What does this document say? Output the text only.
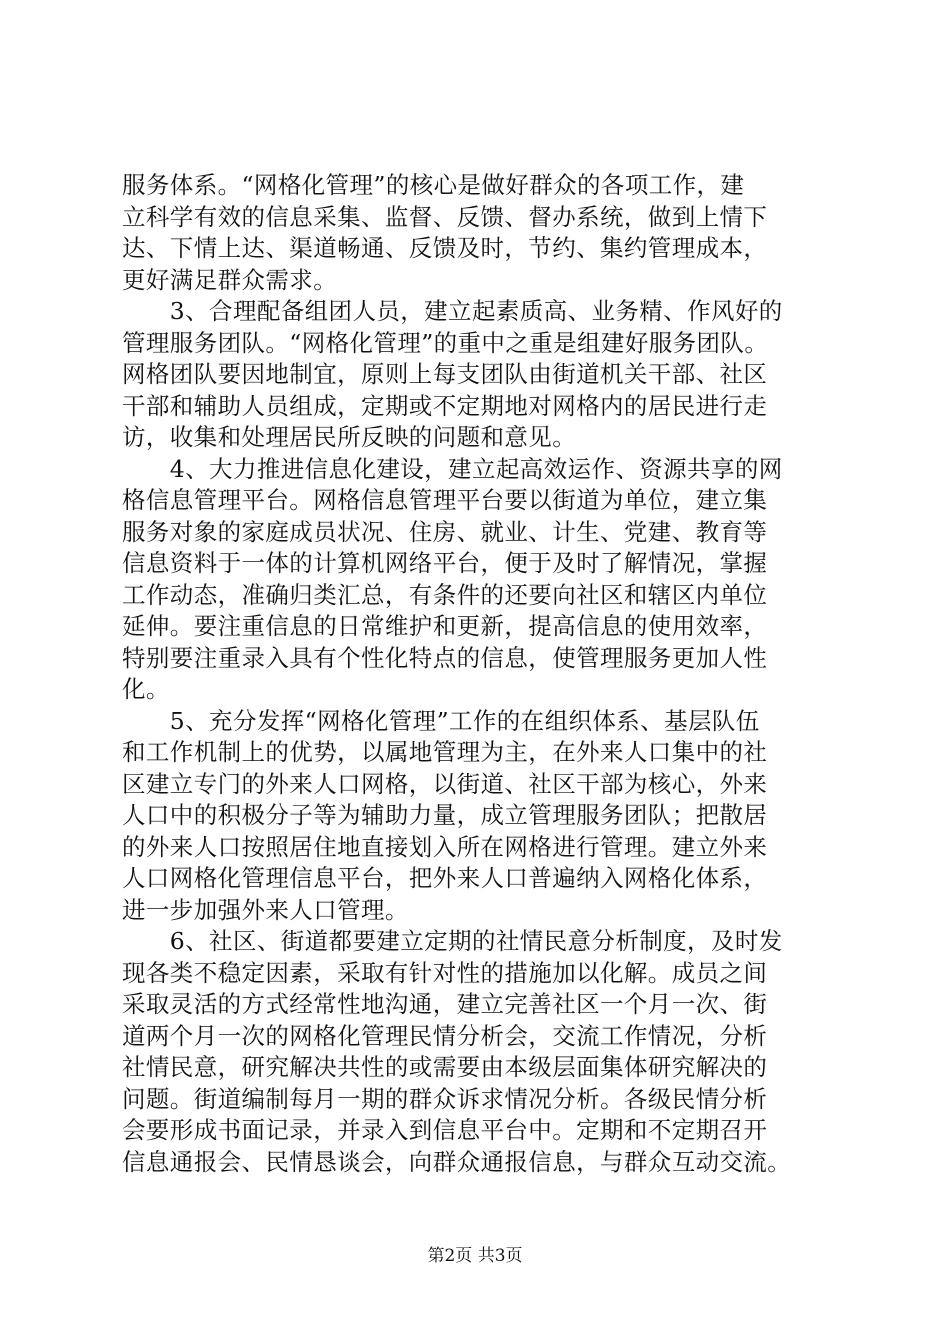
服务体系。“网格化管理”的核心是做好群众的各项工作，建
立科学有效的信息采集、监督、反馈、督办系统，做到上情下
达、下情上达、渠道畅通、反馈及时，节约、集约管理成本，
更好满足群众需求。
　　3、合理配备组团人员，建立起素质高、业务精、作风好的
管理服务团队。“网格化管理”的重中之重是组建好服务团队。
网格团队要因地制宜，原则上每支团队由街道机关干部、社区
干部和辅助人员组成，定期或不定期地对网格内的居民进行走
访，收集和处理居民所反映的问题和意见。
　　4、大力推进信息化建设，建立起高效运作、资源共享的网
格信息管理平台。网格信息管理平台要以街道为单位，建立集
服务对象的家庭成员状况、住房、就业、计生、党建、教育等
信息资料于一体的计算机网络平台，便于及时了解情况，掌握
工作动态，准确归类汇总，有条件的还要向社区和辖区内单位
延伸。要注重信息的日常维护和更新，提高信息的使用效率，
特别要注重录入具有个性化特点的信息，使管理服务更加人性
化。
　　5、充分发挥“网格化管理”工作的在组织体系、基层队伍
和工作机制上的优势，以属地管理为主，在外来人口集中的社
区建立专门的外来人口网格，以街道、社区干部为核心，外来
人口中的积极分子等为辅助力量，成立管理服务团队；把散居
的外来人口按照居住地直接划入所在网格进行管理。建立外来
人口网格化管理信息平台，把外来人口普遍纳入网格化体系，
进一步加强外来人口管理。
　　6、社区、街道都要建立定期的社情民意分析制度，及时发
现各类不稳定因素，采取有针对性的措施加以化解。成员之间
采取灵活的方式经常性地沟通，建立完善社区一个月一次、街
道两个月一次的网格化管理民情分析会，交流工作情况，分析
社情民意，研究解决共性的或需要由本级层面集体研究解决的
问题。街道编制每月一期的群众诉求情况分析。各级民情分析
会要形成书面记录，并录入到信息平台中。定期和不定期召开
信息通报会、民情恳谈会，向群众通报信息，与群众互动交流。
第2页 共3页
